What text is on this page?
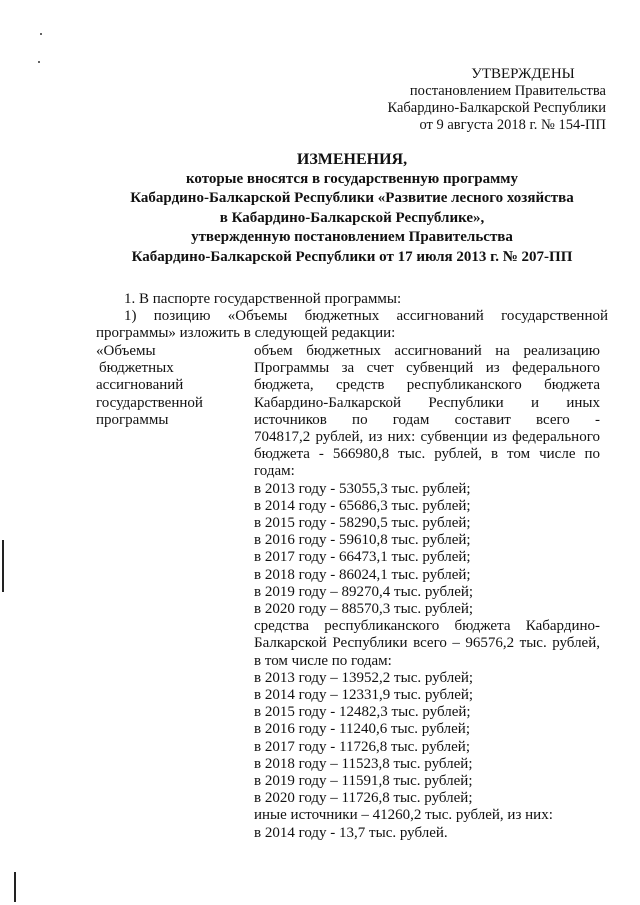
УТВЕРЖДЕНЫ
постановлением Правительства
Кабардино-Балкарской Республики
от 9 августа 2018 г. № 154-ПП
ИЗМЕНЕНИЯ,
которые вносятся в государственную программу
Кабардино-Балкарской Республики «Развитие лесного хозяйства
в Кабардино-Балкарской Республике»,
утвержденную постановлением Правительства
Кабардино-Балкарской Республики от 17 июля 2013 г. № 207-ПП

1. В паспорте государственной программы:

1) позицию «Объемы бюджетных ассигнований государственной

программы» изложить в следующей редакции:

«Объемы
бюджетных
ассигнований
государственной
программы
объем бюджетных ассигнований на реализацию
Программы за счет субвенций из федерального
бюджета, средств республиканского бюджета
Кабардино-Балкарской Республики и иных
источников по годам составит всего -
704817,2 рублей, из них: субвенции из федерального
бюджета - 566980,8 тыс. рублей, в том числе по
годам:
в 2013 году - 53055,3 тыс. рублей;
в 2014 году - 65686,3 тыс. рублей;
в 2015 году - 58290,5 тыс. рублей;
в 2016 году - 59610,8 тыс. рублей;
в 2017 году - 66473,1 тыс. рублей;
в 2018 году - 86024,1 тыс. рублей;
в 2019 году – 89270,4 тыс. рублей;
в 2020 году – 88570,3 тыс. рублей;
средства республиканского бюджета Кабардино-
Балкарской Республики всего – 96576,2 тыс. рублей,
в том числе по годам:
в 2013 году – 13952,2 тыс. рублей;
в 2014 году – 12331,9 тыс. рублей;
в 2015 году - 12482,3 тыс. рублей;
в 2016 году - 11240,6 тыс. рублей;
в 2017 году - 11726,8 тыс. рублей;
в 2018 году – 11523,8 тыс. рублей;
в 2019 году – 11591,8 тыс. рублей;
в 2020 году – 11726,8 тыс. рублей;
иные источники – 41260,2 тыс. рублей, из них:
в 2014 году - 13,7 тыс. рублей.
